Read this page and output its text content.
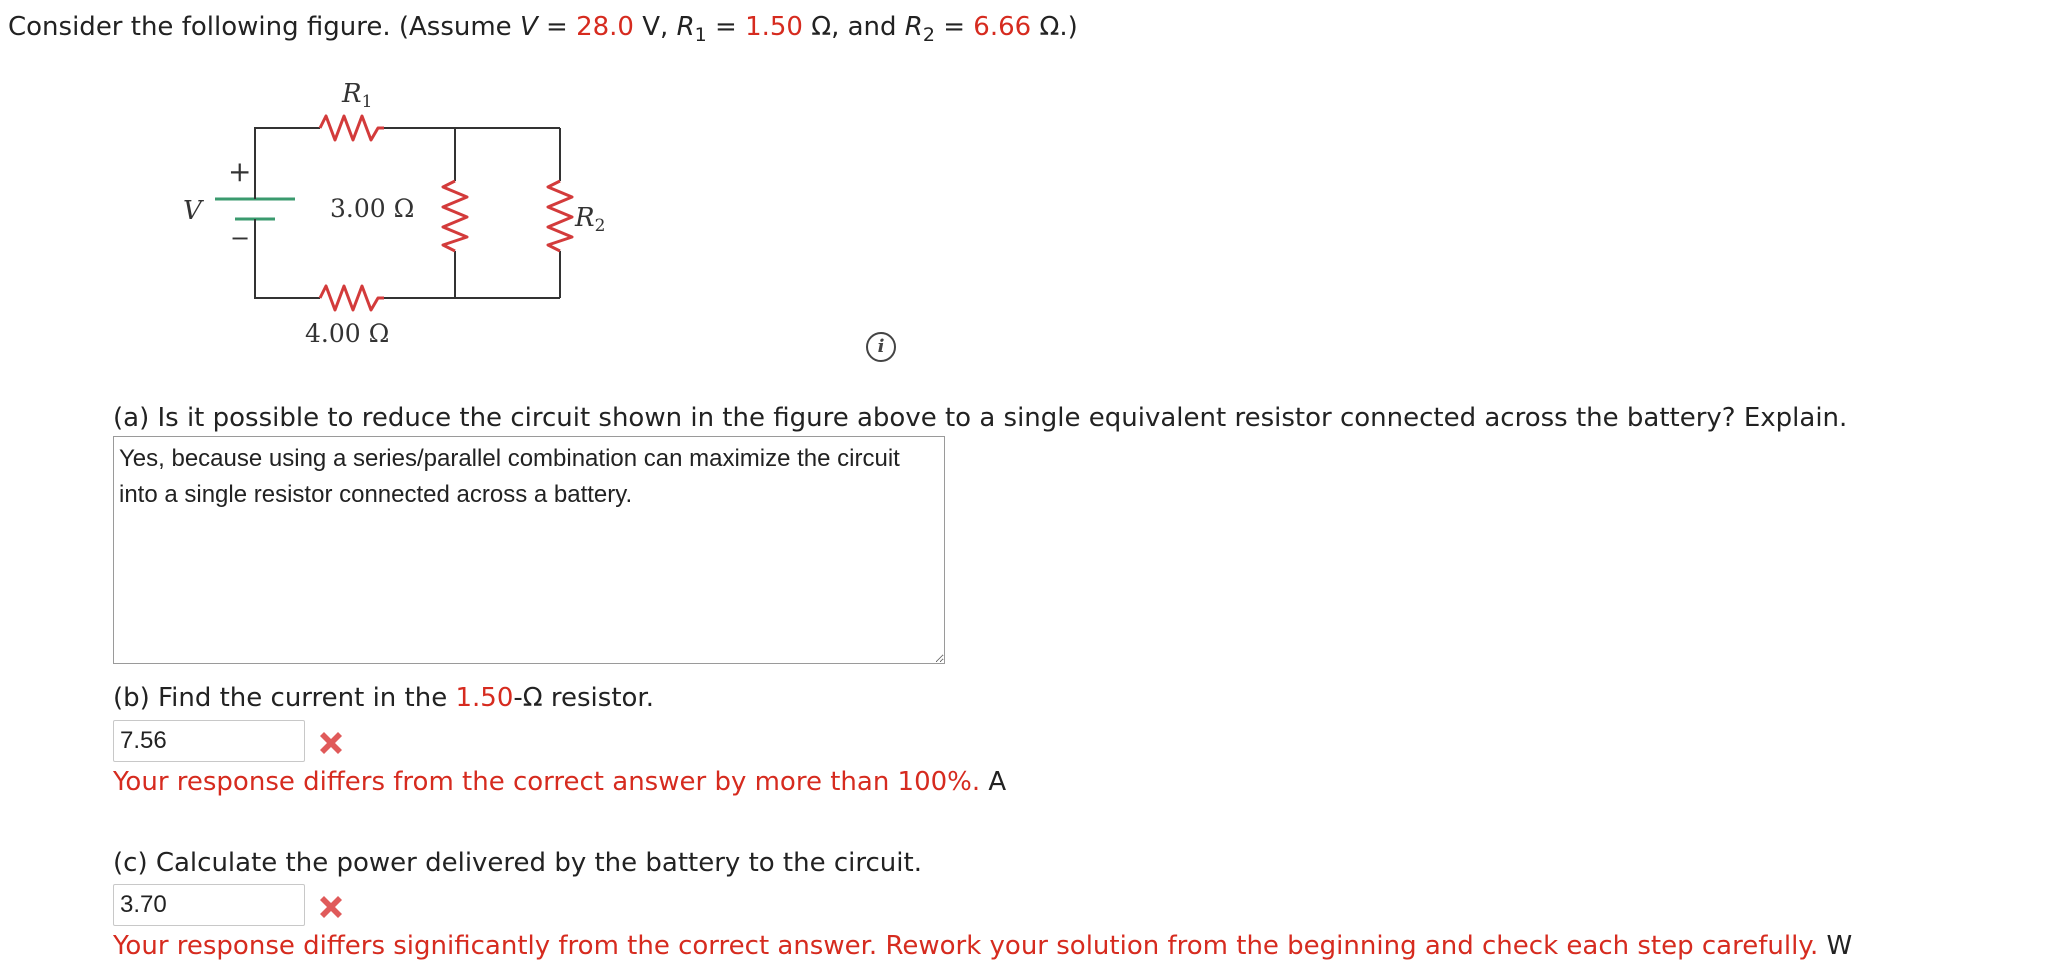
Consider the following figure. (Assume V = 28.0 V, $R_1 = 1.50$ Ω, and $R_2 = 6.66$ Ω.)
R1
R2
V
+
−
3.00 Ω
4.00 Ω	i
(a) Is it possible to reduce the circuit shown in the figure above to a single equivalent resistor connected across the battery? Explain.
Yes, because using a series/parallel combination can maximize the circuit into a single resistor connected across a battery.
(b) Find the current in the 1.50-Ω resistor.
7.56
Your response differs from the correct answer by more than 100%. A
(c) Calculate the power delivered by the battery to the circuit.
3.70
Your response differs significantly from the correct answer. Rework your solution from the beginning and check each step carefully. W
